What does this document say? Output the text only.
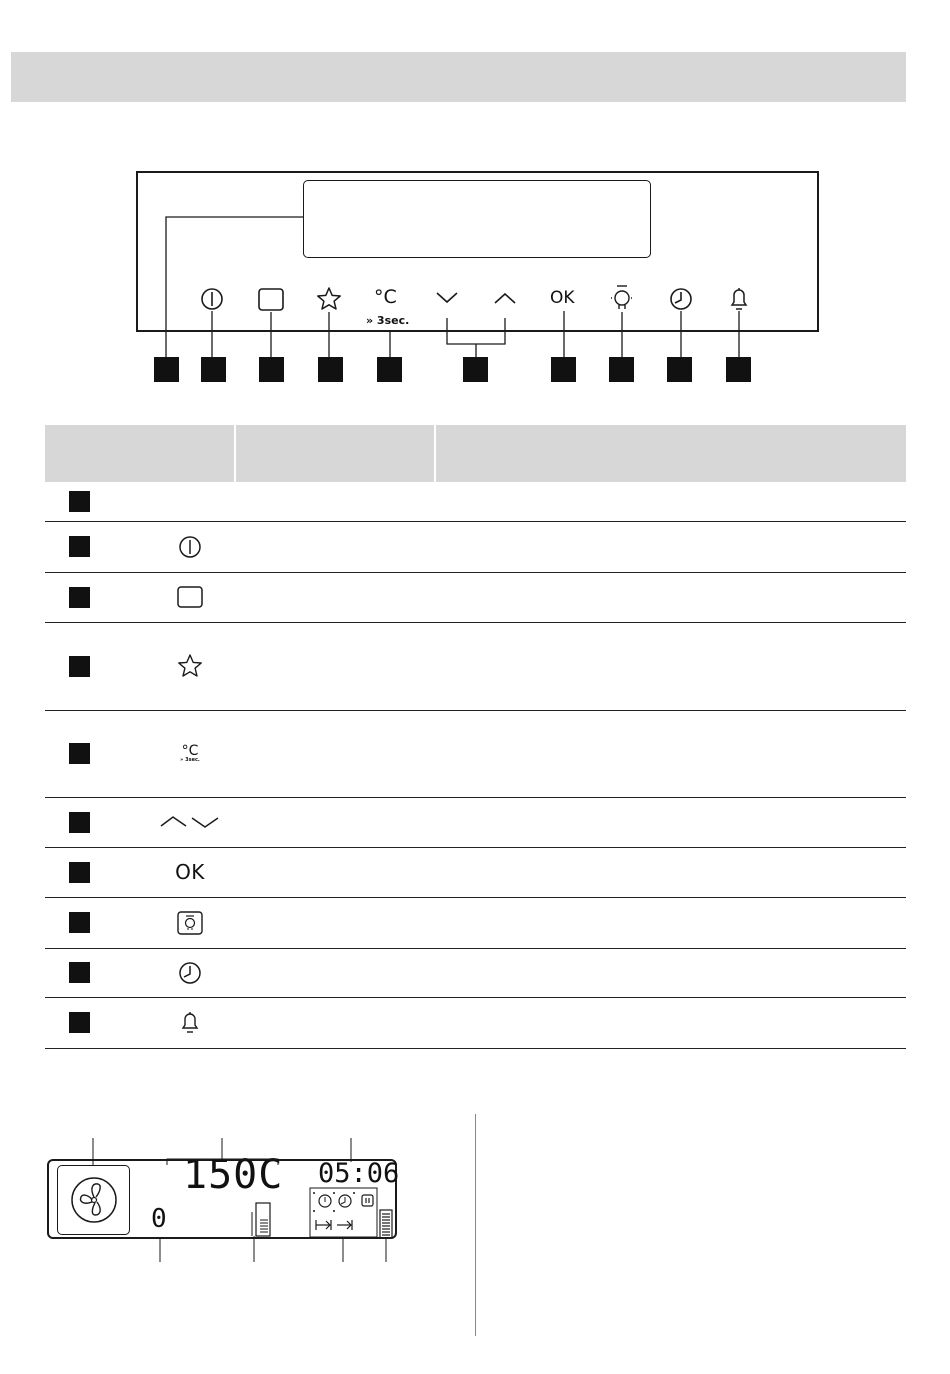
°C
» 3sec.
OK

	°C
» 3sec.		

	OK		

150C 05:06
0
